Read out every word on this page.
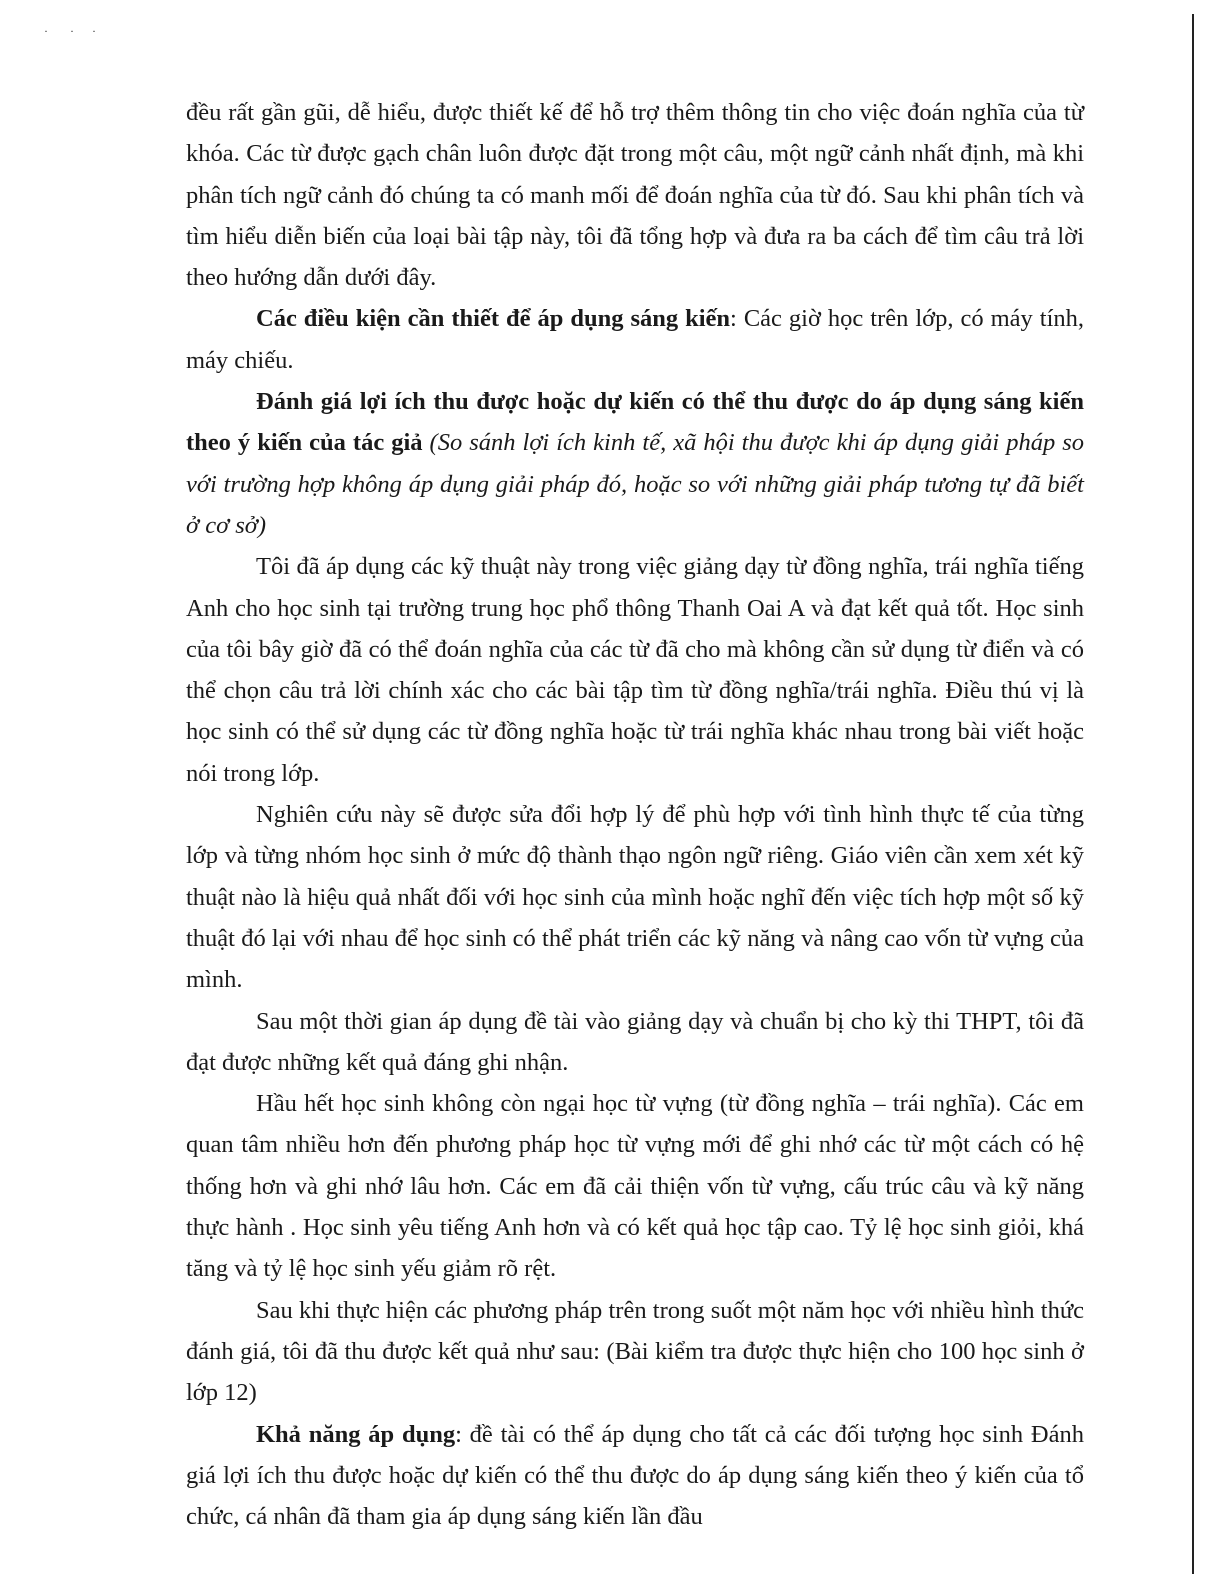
· · ·

đều rất gần gũi, dễ hiểu, được thiết kế để hỗ trợ thêm thông tin cho việc đoán nghĩa của từ khóa. Các từ được gạch chân luôn được đặt trong một câu, một ngữ cảnh nhất định, mà khi phân tích ngữ cảnh đó chúng ta có manh mối để đoán nghĩa của từ đó. Sau khi phân tích và tìm hiểu diễn biến của loại bài tập này, tôi đã tổng hợp và đưa ra ba cách để tìm câu trả lời theo hướng dẫn dưới đây.

Các điều kiện cần thiết để áp dụng sáng kiến: Các giờ học trên lớp, có máy tính, máy chiếu.

Đánh giá lợi ích thu được hoặc dự kiến có thể thu được do áp dụng sáng kiến theo ý kiến của tác giả (So sánh lợi ích kinh tế, xã hội thu được khi áp dụng giải pháp so với trường hợp không áp dụng giải pháp đó, hoặc so với những giải pháp tương tự đã biết ở cơ sở)

Tôi đã áp dụng các kỹ thuật này trong việc giảng dạy từ đồng nghĩa, trái nghĩa tiếng Anh cho học sinh tại trường trung học phổ thông Thanh Oai A và đạt kết quả tốt. Học sinh của tôi bây giờ đã có thể đoán nghĩa của các từ đã cho mà không cần sử dụng từ điển và có thể chọn câu trả lời chính xác cho các bài tập tìm từ đồng nghĩa/trái nghĩa. Điều thú vị là học sinh có thể sử dụng các từ đồng nghĩa hoặc từ trái nghĩa khác nhau trong bài viết hoặc nói trong lớp.

Nghiên cứu này sẽ được sửa đổi hợp lý để phù hợp với tình hình thực tế của từng lớp và từng nhóm học sinh ở mức độ thành thạo ngôn ngữ riêng. Giáo viên cần xem xét kỹ thuật nào là hiệu quả nhất đối với học sinh của mình hoặc nghĩ đến việc tích hợp một số kỹ thuật đó lại với nhau để học sinh có thể phát triển các kỹ năng và nâng cao vốn từ vựng của mình.

Sau một thời gian áp dụng đề tài vào giảng dạy và chuẩn bị cho kỳ thi THPT, tôi đã đạt được những kết quả đáng ghi nhận.

Hầu hết học sinh không còn ngại học từ vựng (từ đồng nghĩa – trái nghĩa). Các em quan tâm nhiều hơn đến phương pháp học từ vựng mới để ghi nhớ các từ một cách có hệ thống hơn và ghi nhớ lâu hơn. Các em đã cải thiện vốn từ vựng, cấu trúc câu và kỹ năng thực hành . Học sinh yêu tiếng Anh hơn và có kết quả học tập cao. Tỷ lệ học sinh giỏi, khá tăng và tỷ lệ học sinh yếu giảm rõ rệt.

Sau khi thực hiện các phương pháp trên trong suốt một năm học với nhiều hình thức đánh giá, tôi đã thu được kết quả như sau: (Bài kiểm tra được thực hiện cho 100 học sinh ở lớp 12)

Khả năng áp dụng: đề tài có thể áp dụng cho tất cả các đối tượng học sinh Đánh giá lợi ích thu được hoặc dự kiến có thể thu được do áp dụng sáng kiến theo ý kiến của tổ chức, cá nhân đã tham gia áp dụng sáng kiến lần đầu
